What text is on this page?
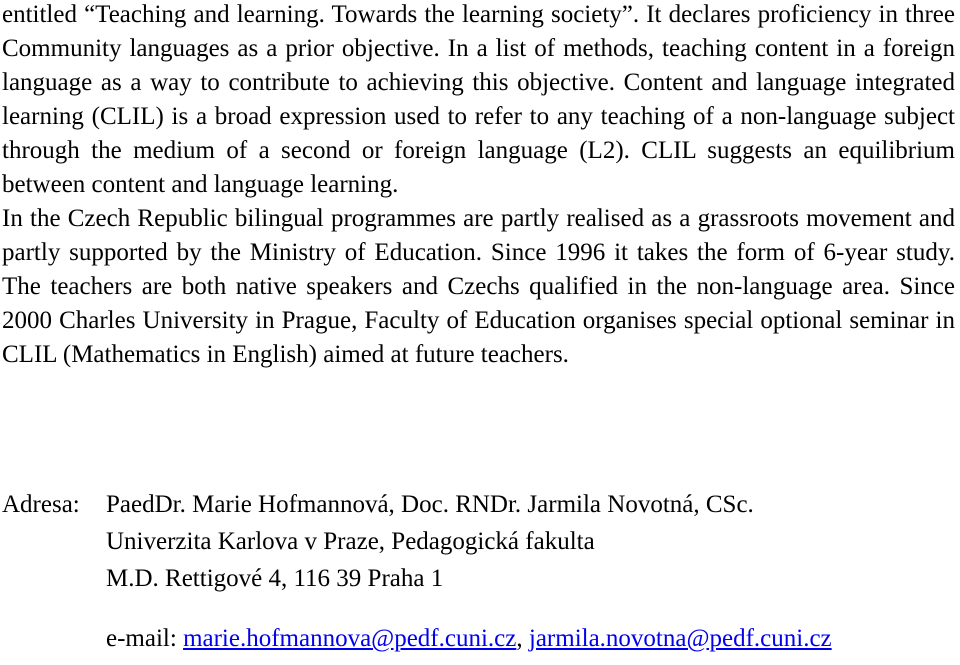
entitled “Teaching and learning. Towards the learning society”. It declares proficiency in three Community languages as a prior objective. In a list of methods, teaching content in a foreign language as a way to contribute to achieving this objective. Content and language integrated learning (CLIL) is a broad expression used to refer to any teaching of a non-language subject through the medium of a second or foreign language (L2). CLIL suggests an equilibrium between content and language learning.

In the Czech Republic bilingual programmes are partly realised as a grassroots movement and partly supported by the Ministry of Education. Since 1996 it takes the form of 6-year study. The teachers are both native speakers and Czechs qualified in the non-language area. Since 2000 Charles University in Prague, Faculty of Education organises special optional seminar in CLIL (Mathematics in English) aimed at future teachers.

Adresa: PaedDr. Marie Hofmannová, Doc. RNDr. Jarmila Novotná, CSc.
Univerzita Karlova v Praze, Pedagogická fakulta
M.D. Rettigové 4, 116 39 Praha 1
e-mail: marie.hofmannova@pedf.cuni.cz, jarmila.novotna@pedf.cuni.cz
